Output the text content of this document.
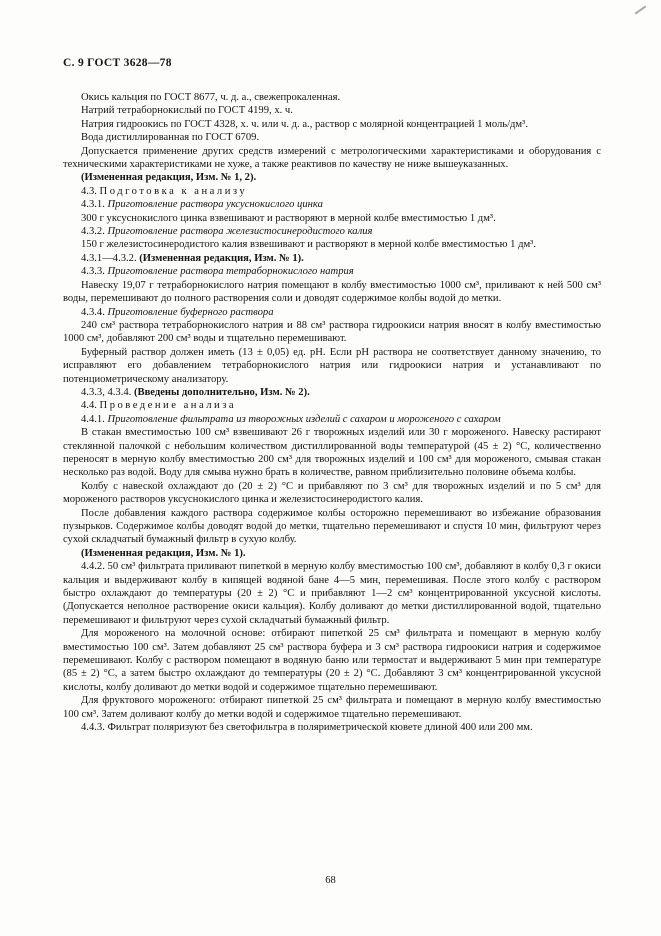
С. 9 ГОСТ 3628—78

Окись кальция по ГОСТ 8677, ч. д. а., свежепрокаленная.

Натрий тетраборнокислый по ГОСТ 4199, х. ч.

Натрия гидроокись по ГОСТ 4328, х. ч. или ч. д. а., раствор с молярной концентрацией 1 моль/дм³.

Вода дистиллированная по ГОСТ 6709.

Допускается применение других средств измерений с метрологическими характеристиками и оборудования с техническими характеристиками не хуже, а также реактивов по качеству не ниже вышеуказанных.

(Измененная редакция, Изм. № 1, 2).

4.3. Подготовка к анализу

4.3.1. Приготовление раствора уксуснокислого цинка

300 г уксуснокислого цинка взвешивают и растворяют в мерной колбе вместимостью 1 дм³.

4.3.2. Приготовление раствора железистосинеродистого калия

150 г железистосинеродистого калия взвешивают и растворяют в мерной колбе вместимостью 1 дм³.

4.3.1—4.3.2. (Измененная редакция, Изм. № 1).

4.3.3. Приготовление раствора тетраборнокислого натрия

Навеску 19,07 г тетраборнокислого натрия помещают в колбу вместимостью 1000 см³, приливают к ней 500 см³ воды, перемешивают до полного растворения соли и доводят содержимое колбы водой до метки.

4.3.4. Приготовление буферного раствора

240 см³ раствора тетраборнокислого натрия и 88 см³ раствора гидроокиси натрия вносят в колбу вместимостью 1000 см³, добавляют 200 см³ воды и тщательно перемешивают.

Буферный раствор должен иметь (13 ± 0,05) ед. рН. Если рН раствора не соответствует данному значению, то исправляют его добавлением тетраборнокислого натрия или гидроокиси натрия и устанавливают по потенциометрическому анализатору.

4.3.3, 4.3.4. (Введены дополнительно, Изм. № 2).

4.4. Проведение анализа

4.4.1. Приготовление фильтрата из творожных изделий с сахаром и мороженого с сахаром

В стакан вместимостью 100 см³ взвешивают 26 г творожных изделий или 30 г мороженого. Навеску растирают стеклянной палочкой с небольшим количеством дистиллированной воды температурой (45 ± 2) °С, количественно переносят в мерную колбу вместимостью 200 см³ для творожных изделий и 100 см³ для мороженого, смывая стакан несколько раз водой. Воду для смыва нужно брать в количестве, равном приблизительно половине объема колбы.

Колбу с навеской охлаждают до (20 ± 2) °С и прибавляют по 3 см³ для творожных изделий и по 5 см³ для мороженого растворов уксуснокислого цинка и железистосинеродистого калия.

После добавления каждого раствора содержимое колбы осторожно перемешивают во избежание образования пузырьков. Содержимое колбы доводят водой до метки, тщательно перемешивают и спустя 10 мин, фильтруют через сухой складчатый бумажный фильтр в сухую колбу.

(Измененная редакция, Изм. № 1).

4.4.2. 50 см³ фильтрата приливают пипеткой в мерную колбу вместимостью 100 см³, добавляют в колбу 0,3 г окиси кальция и выдерживают колбу в кипящей водяной бане 4—5 мин, перемешивая. После этого колбу с раствором быстро охлаждают до температуры (20 ± 2) °С и прибавляют 1—2 см³ концентрированной уксусной кислоты. (Допускается неполное растворение окиси кальция). Колбу доливают до метки дистиллированной водой, тщательно перемешивают и фильтруют через сухой складчатый бумажный фильтр.

Для мороженого на молочной основе: отбирают пипеткой 25 см³ фильтрата и помещают в мерную колбу вместимостью 100 см³. Затем добавляют 25 см³ раствора буфера и 3 см³ раствора гидроокиси натрия и содержимое перемешивают. Колбу с раствором помещают в водяную баню или термостат и выдерживают 5 мин при температуре (85 ± 2) °С, а затем быстро охлаждают до температуры (20 ± 2) °С. Добавляют 3 см³ концентрированной уксусной кислоты, колбу доливают до метки водой и содержимое тщательно перемешивают.

Для фруктового мороженого: отбирают пипеткой 25 см³ фильтрата и помещают в мерную колбу вместимостью 100 см³. Затем доливают колбу до метки водой и содержимое тщательно перемешивают.

4.4.3. Фильтрат поляризуют без светофильтра в поляриметрической кювете длиной 400 или 200 мм.

68
